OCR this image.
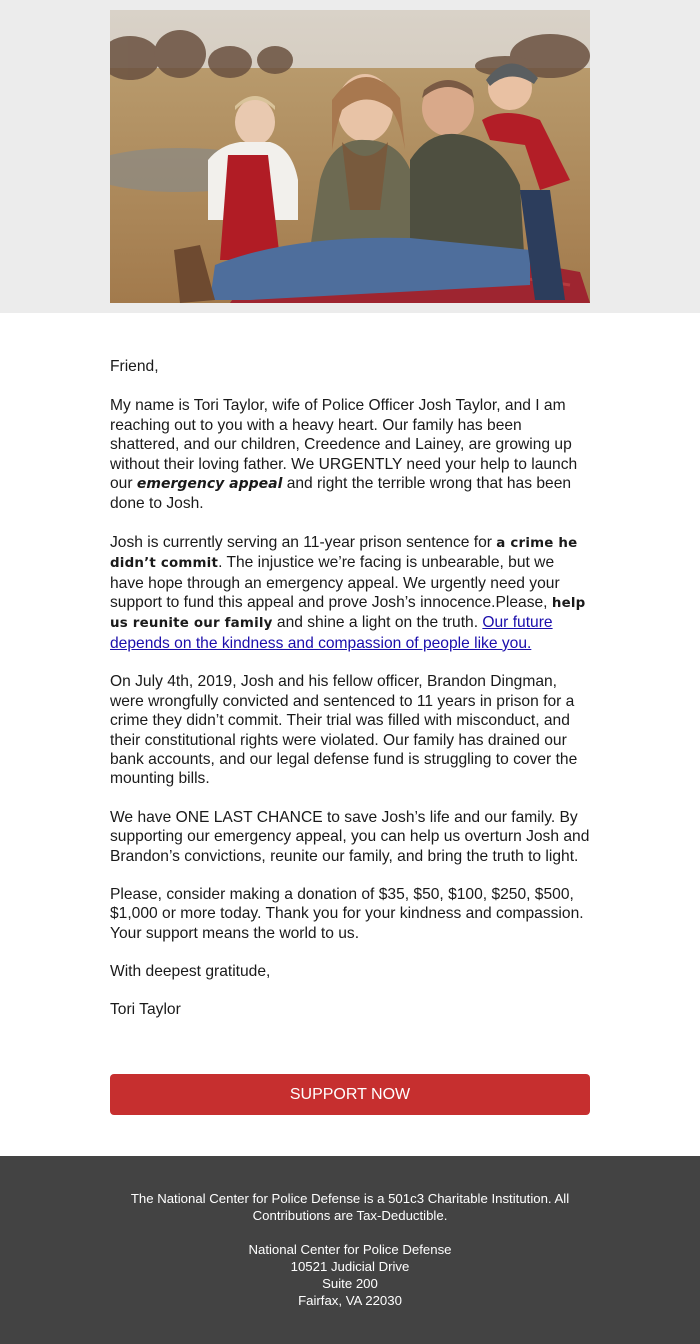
Friend,

My name is Tori Taylor, wife of Police Officer Josh Taylor, and I am reaching out to you with a heavy heart. Our family has been shattered, and our children, Creedence and Lainey, are growing up without their loving father. We URGENTLY need your help to launch our emergency appeal and right the terrible wrong that has been done to Josh.

Josh is currently serving an 11-year prison sentence for a crime he didn’t commit. The injustice we’re facing is unbearable, but we have hope through an emergency appeal. We urgently need your support to fund this appeal and prove Josh’s innocence.Please, help us reunite our family and shine a light on the truth. Our future depends on the kindness and compassion of people like you.

On July 4th, 2019, Josh and his fellow officer, Brandon Dingman, were wrongfully convicted and sentenced to 11 years in prison for a crime they didn’t commit. Their trial was filled with misconduct, and their constitutional rights were violated. Our family has drained our bank accounts, and our legal defense fund is struggling to cover the mounting bills.

We have ONE LAST CHANCE to save Josh’s life and our family. By supporting our emergency appeal, you can help us overturn Josh and Brandon’s convictions, reunite our family, and bring the truth to light.

Please, consider making a donation of $35, $50, $100, $250, $500, $1,000 or more today. Thank you for your kindness and compassion. Your support means the world to us.

With deepest gratitude,

Tori Taylor

SUPPORT NOW
The National Center for Police Defense is a 501c3 Charitable Institution. All Contributions are Tax-Deductible.
National Center for Police Defense
10521 Judicial Drive
Suite 200
Fairfax, VA 22030
